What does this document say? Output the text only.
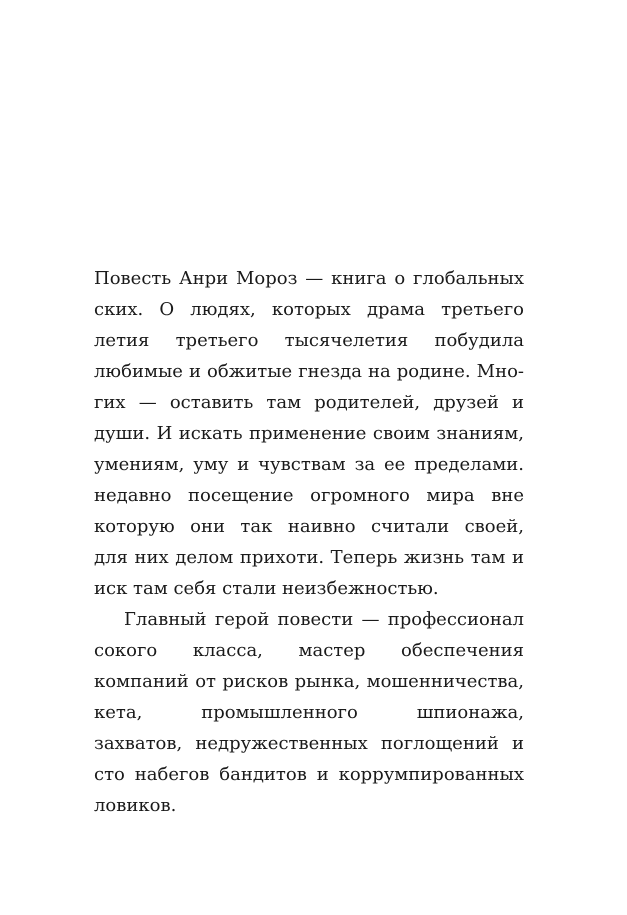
Повесть Анри Мороз — книга о глобальных
ских. О людях, которых драма третьего
летия третьего тысячелетия побудила
любимые и обжитые гнезда на родине. Мно-
гих — оставить там родителей, друзей и
души. И искать применение своим знаниям,
умениям, уму и чувствам за ее пределами.
недавно посещение огромного мира вне
которую они так наивно считали своей,
для них делом прихоти. Теперь жизнь там и
иск там себя стали неизбежностью.
Главный герой повести — профессионал
сокого класса, мастер обеспечения
компаний от рисков рынка, мошенничества,
кета, промышленного шпионажа,
захватов, недружественных поглощений и
сто набегов бандитов и коррумпированных
ловиков.
